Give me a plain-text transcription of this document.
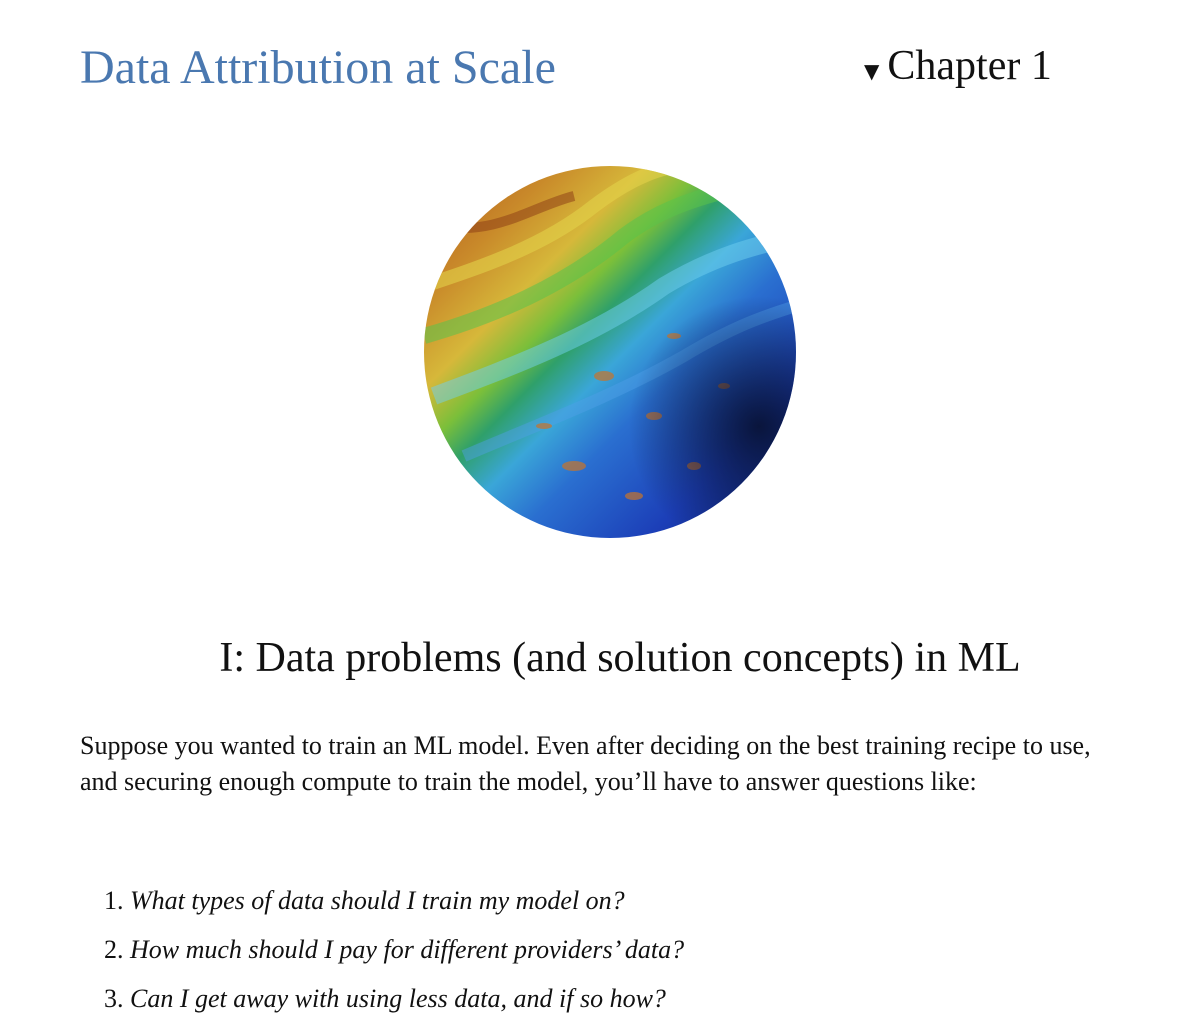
Data Attribution at Scale	▼ Chapter 1
I: Data problems (and solution concepts) in ML

Suppose you wanted to train an ML model. Even after deciding on the best training recipe to use, and securing enough compute to train the model, you’ll have to answer questions like:

1. What types of data should I train my model on?
2. How much should I pay for different providers’ data?
3. Can I get away with using less data, and if so how?
